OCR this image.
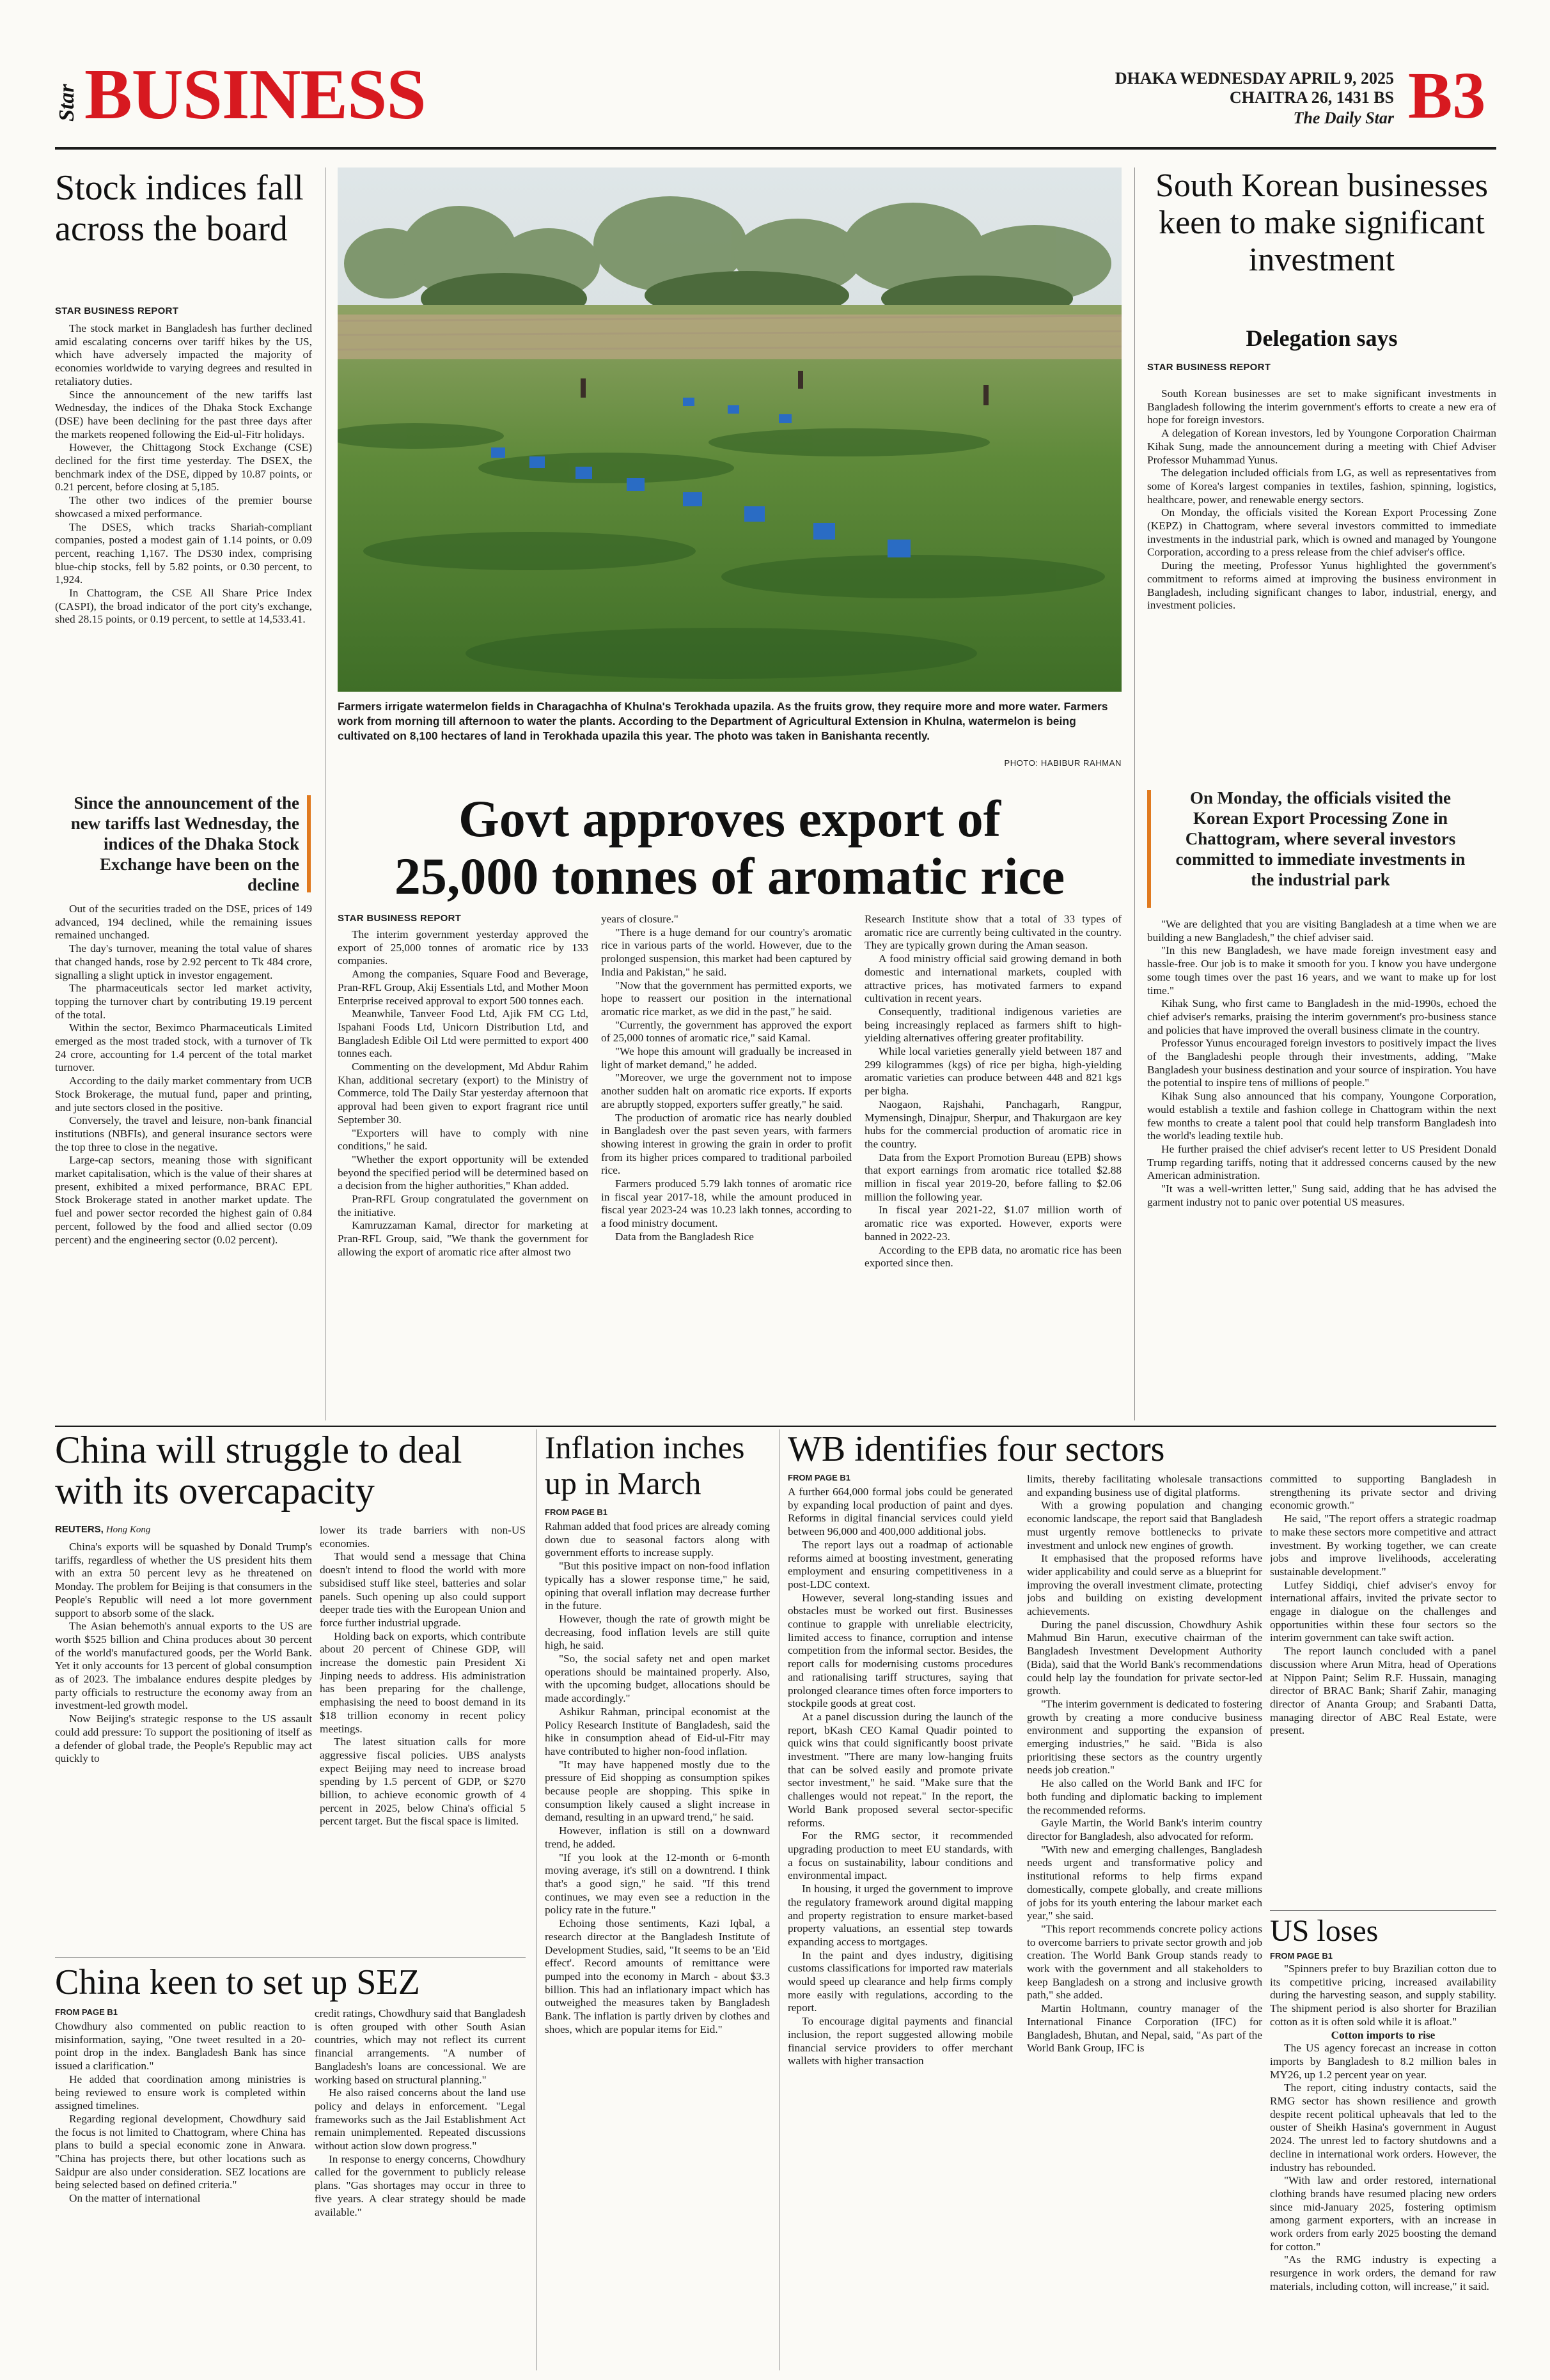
Star BUSINESS	DHAKA WEDNESDAY APRIL 9, 2025
CHAITRA 26, 1431 BS
The Daily Star B3
Stock indices fall across the board
STAR BUSINESS REPORT

The stock market in Bangladesh has further declined amid escalating concerns over tariff hikes by the US, which have adversely impacted the majority of economies worldwide to varying degrees and resulted in retaliatory duties.

Since the announcement of the new tariffs last Wednesday, the indices of the Dhaka Stock Exchange (DSE) have been declining for the past three days after the markets reopened following the Eid-ul-Fitr holidays.

However, the Chittagong Stock Exchange (CSE) declined for the first time yesterday. The DSEX, the benchmark index of the DSE, dipped by 10.87 points, or 0.21 percent, before closing at 5,185.

The other two indices of the premier bourse showcased a mixed performance.

The DSES, which tracks Shariah-compliant companies, posted a modest gain of 1.14 points, or 0.09 percent, reaching 1,167. The DS30 index, comprising blue-chip stocks, fell by 5.82 points, or 0.30 percent, to 1,924.

In Chattogram, the CSE All Share Price Index (CASPI), the broad indicator of the port city's exchange, shed 28.15 points, or 0.19 percent, to settle at 14,533.41.

Since the announcement of the new tariffs last Wednesday, the indices of the Dhaka Stock Exchange have been on the decline

Out of the securities traded on the DSE, prices of 149 advanced, 194 declined, while the remaining issues remained unchanged.

The day's turnover, meaning the total value of shares that changed hands, rose by 2.92 percent to Tk 484 crore, signalling a slight uptick in investor engagement.

The pharmaceuticals sector led market activity, topping the turnover chart by contributing 19.19 percent of the total.

Within the sector, Beximco Pharmaceuticals Limited emerged as the most traded stock, with a turnover of Tk 24 crore, accounting for 1.4 percent of the total market turnover.

According to the daily market commentary from UCB Stock Brokerage, the mutual fund, paper and printing, and jute sectors closed in the positive.

Conversely, the travel and leisure, non-bank financial institutions (NBFIs), and general insurance sectors were the top three to close in the negative.

Large-cap sectors, meaning those with significant market capitalisation, which is the value of their shares at present, exhibited a mixed performance, BRAC EPL Stock Brokerage stated in another market update. The fuel and power sector recorded the highest gain of 0.84 percent, followed by the food and allied sector (0.09 percent) and the engineering sector (0.02 percent).

Farmers irrigate watermelon fields in Charagachha of Khulna's Terokhada upazila. As the fruits grow, they require more and more water. Farmers work from morning till afternoon to water the plants. According to the Department of Agricultural Extension in Khulna, watermelon is being cultivated on 8,100 hectares of land in Terokhada upazila this year. The photo was taken in Banishanta recently.
PHOTO: HABIBUR RAHMAN
Govt approves export of
25,000 tonnes of aromatic rice
STAR BUSINESS REPORT

The interim government yesterday approved the export of 25,000 tonnes of aromatic rice by 133 companies.

Among the companies, Square Food and Beverage, Pran-RFL Group, Akij Essentials Ltd, and Mother Moon Enterprise received approval to export 500 tonnes each.

Meanwhile, Tanveer Food Ltd, Ajik FM CG Ltd, Ispahani Foods Ltd, Unicorn Distribution Ltd, and Bangladesh Edible Oil Ltd were permitted to export 400 tonnes each.

Commenting on the development, Md Abdur Rahim Khan, additional secretary (export) to the Ministry of Commerce, told The Daily Star yesterday afternoon that approval had been given to export fragrant rice until September 30.

"Exporters will have to comply with nine conditions," he said.

"Whether the export opportunity will be extended beyond the specified period will be determined based on a decision from the higher authorities," Khan added.

Pran-RFL Group congratulated the government on the initiative.

Kamruzzaman Kamal, director for marketing at Pran-RFL Group, said, "We thank the government for allowing the export of aromatic rice after almost two

years of closure."

"There is a huge demand for our country's aromatic rice in various parts of the world. However, due to the prolonged suspension, this market had been captured by India and Pakistan," he said.

"Now that the government has permitted exports, we hope to reassert our position in the international aromatic rice market, as we did in the past," he said.

"Currently, the government has approved the export of 25,000 tonnes of aromatic rice," said Kamal.

"We hope this amount will gradually be increased in light of market demand," he added.

"Moreover, we urge the government not to impose another sudden halt on aromatic rice exports. If exports are abruptly stopped, exporters suffer greatly," he said.

The production of aromatic rice has nearly doubled in Bangladesh over the past seven years, with farmers showing interest in growing the grain in order to profit from its higher prices compared to traditional parboiled rice.

Farmers produced 5.79 lakh tonnes of aromatic rice in fiscal year 2017-18, while the amount produced in fiscal year 2023-24 was 10.23 lakh tonnes, according to a food ministry document.

Data from the Bangladesh Rice

Research Institute show that a total of 33 types of aromatic rice are currently being cultivated in the country. They are typically grown during the Aman season.

A food ministry official said growing demand in both domestic and international markets, coupled with attractive prices, has motivated farmers to expand cultivation in recent years.

Consequently, traditional indigenous varieties are being increasingly replaced as farmers shift to high-yielding alternatives offering greater profitability.

While local varieties generally yield between 187 and 299 kilogrammes (kgs) of rice per bigha, high-yielding aromatic varieties can produce between 448 and 821 kgs per bigha.

Naogaon, Rajshahi, Panchagarh, Rangpur, Mymensingh, Dinajpur, Sherpur, and Thakurgaon are key hubs for the commercial production of aromatic rice in the country.

Data from the Export Promotion Bureau (EPB) shows that export earnings from aromatic rice totalled $2.88 million in fiscal year 2019-20, before falling to $2.06 million the following year.

In fiscal year 2021-22, $1.07 million worth of aromatic rice was exported. However, exports were banned in 2022-23.

According to the EPB data, no aromatic rice has been exported since then.

South Korean businesses keen to make significant investment
Delegation says
STAR BUSINESS REPORT

South Korean businesses are set to make significant investments in Bangladesh following the interim government's efforts to create a new era of hope for foreign investors.

A delegation of Korean investors, led by Youngone Corporation Chairman Kihak Sung, made the announcement during a meeting with Chief Adviser Professor Muhammad Yunus.

The delegation included officials from LG, as well as representatives from some of Korea's largest companies in textiles, fashion, spinning, logistics, healthcare, power, and renewable energy sectors.

On Monday, the officials visited the Korean Export Processing Zone (KEPZ) in Chattogram, where several investors committed to immediate investments in the industrial park, which is owned and managed by Youngone Corporation, according to a press release from the chief adviser's office.

During the meeting, Professor Yunus highlighted the government's commitment to reforms aimed at improving the business environment in Bangladesh, including significant changes to labor, industrial, energy, and investment policies.

On Monday, the officials visited the Korean Export Processing Zone in Chattogram, where several investors committed to immediate investments in the industrial park

"We are delighted that you are visiting Bangladesh at a time when we are building a new Bangladesh," the chief adviser said.

"In this new Bangladesh, we have made foreign investment easy and hassle-free. Our job is to make it smooth for you. I know you have undergone some tough times over the past 16 years, and we want to make up for lost time."

Kihak Sung, who first came to Bangladesh in the mid-1990s, echoed the chief adviser's remarks, praising the interim government's pro-business stance and policies that have improved the overall business climate in the country.

Professor Yunus encouraged foreign investors to positively impact the lives of the Bangladeshi people through their investments, adding, "Make Bangladesh your business destination and your source of inspiration. You have the potential to inspire tens of millions of people."

Kihak Sung also announced that his company, Youngone Corporation, would establish a textile and fashion college in Chattogram within the next few months to create a talent pool that could help transform Bangladesh into the world's leading textile hub.

He further praised the chief adviser's recent letter to US President Donald Trump regarding tariffs, noting that it addressed concerns caused by the new American administration.

"It was a well-written letter," Sung said, adding that he has advised the garment industry not to panic over potential US measures.

China will struggle to deal with its overcapacity
REUTERS, Hong Kong

China's exports will be squashed by Donald Trump's tariffs, regardless of whether the US president hits them with an extra 50 percent levy as he threatened on Monday. The problem for Beijing is that consumers in the People's Republic will need a lot more government support to absorb some of the slack.

The Asian behemoth's annual exports to the US are worth $525 billion and China produces about 30 percent of the world's manufactured goods, per the World Bank. Yet it only accounts for 13 percent of global consumption as of 2023. The imbalance endures despite pledges by party officials to restructure the economy away from an investment-led growth model.

Now Beijing's strategic response to the US assault could add pressure: To support the positioning of itself as a defender of global trade, the People's Republic may act quickly to

lower its trade barriers with non-US economies.

That would send a message that China doesn't intend to flood the world with more subsidised stuff like steel, batteries and solar panels. Such opening up also could support deeper trade ties with the European Union and force further industrial upgrade.

Holding back on exports, which contribute about 20 percent of Chinese GDP, will increase the domestic pain President Xi Jinping needs to address. His administration has been preparing for the challenge, emphasising the need to boost demand in its $18 trillion economy in recent policy meetings.

The latest situation calls for more aggressive fiscal policies. UBS analysts expect Beijing may need to increase broad spending by 1.5 percent of GDP, or $270 billion, to achieve economic growth of 4 percent in 2025, below China's official 5 percent target. But the fiscal space is limited.

China keen to set up SEZ
FROM PAGE B1

Chowdhury also commented on public reaction to misinformation, saying, "One tweet resulted in a 20-point drop in the index. Bangladesh Bank has since issued a clarification."

He added that coordination among ministries is being reviewed to ensure work is completed within assigned timelines.

Regarding regional development, Chowdhury said the focus is not limited to Chattogram, where China has plans to build a special economic zone in Anwara. "China has projects there, but other locations such as Saidpur are also under consideration. SEZ locations are being selected based on defined criteria."

On the matter of international

credit ratings, Chowdhury said that Bangladesh is often grouped with other South Asian countries, which may not reflect its current financial arrangements. "A number of Bangladesh's loans are concessional. We are working based on structural planning."

He also raised concerns about the land use policy and delays in enforcement. "Legal frameworks such as the Jail Establishment Act remain unimplemented. Repeated discussions without action slow down progress."

In response to energy concerns, Chowdhury called for the government to publicly release plans. "Gas shortages may occur in three to five years. A clear strategy should be made available."

Inflation inches up in March
FROM PAGE B1

Rahman added that food prices are already coming down due to seasonal factors along with government efforts to increase supply.

"But this positive impact on non-food inflation typically has a slower response time," he said, opining that overall inflation may decrease further in the future.

However, though the rate of growth might be decreasing, food inflation levels are still quite high, he said.

"So, the social safety net and open market operations should be maintained properly. Also, with the upcoming budget, allocations should be made accordingly."

Ashikur Rahman, principal economist at the Policy Research Institute of Bangladesh, said the hike in consumption ahead of Eid-ul-Fitr may have contributed to higher non-food inflation.

"It may have happened mostly due to the pressure of Eid shopping as consumption spikes because people are shopping. This spike in consumption likely caused a slight increase in demand, resulting in an upward trend," he said.

However, inflation is still on a downward trend, he added.

"If you look at the 12-month or 6-month moving average, it's still on a downtrend. I think that's a good sign," he said. "If this trend continues, we may even see a reduction in the policy rate in the future."

Echoing those sentiments, Kazi Iqbal, a research director at the Bangladesh Institute of Development Studies, said, "It seems to be an 'Eid effect'. Record amounts of remittance were pumped into the economy in March - about $3.3 billion. This had an inflationary impact which has outweighed the measures taken by Bangladesh Bank. The inflation is partly driven by clothes and shoes, which are popular items for Eid."

WB identifies four sectors
FROM PAGE B1

A further 664,000 formal jobs could be generated by expanding local production of paint and dyes. Reforms in digital financial services could yield between 96,000 and 400,000 additional jobs.

The report lays out a roadmap of actionable reforms aimed at boosting investment, generating employment and ensuring competitiveness in a post-LDC context.

However, several long-standing issues and obstacles must be worked out first. Businesses continue to grapple with unreliable electricity, limited access to finance, corruption and intense competition from the informal sector. Besides, the report calls for modernising customs procedures and rationalising tariff structures, saying that prolonged clearance times often force importers to stockpile goods at great cost.

At a panel discussion during the launch of the report, bKash CEO Kamal Quadir pointed to quick wins that could significantly boost private investment. "There are many low-hanging fruits that can be solved easily and promote private sector investment," he said. "Make sure that the challenges would not repeat." In the report, the World Bank proposed several sector-specific reforms.

For the RMG sector, it recommended upgrading production to meet EU standards, with a focus on sustainability, labour conditions and environmental impact.

In housing, it urged the government to improve the regulatory framework around digital mapping and property registration to ensure market-based property valuations, an essential step towards expanding access to mortgages.

In the paint and dyes industry, digitising customs classifications for imported raw materials would speed up clearance and help firms comply more easily with regulations, according to the report.

To encourage digital payments and financial inclusion, the report suggested allowing mobile financial service providers to offer merchant wallets with higher transaction

limits, thereby facilitating wholesale transactions and expanding business use of digital platforms.

With a growing population and changing economic landscape, the report said that Bangladesh must urgently remove bottlenecks to private investment and unlock new engines of growth.

It emphasised that the proposed reforms have wider applicability and could serve as a blueprint for improving the overall investment climate, protecting jobs and building on existing development achievements.

During the panel discussion, Chowdhury Ashik Mahmud Bin Harun, executive chairman of the Bangladesh Investment Development Authority (Bida), said that the World Bank's recommendations could help lay the foundation for private sector-led growth.

"The interim government is dedicated to fostering growth by creating a more conducive business environment and supporting the expansion of emerging industries," he said. "Bida is also prioritising these sectors as the country urgently needs job creation."

He also called on the World Bank and IFC for both funding and diplomatic backing to implement the recommended reforms.

Gayle Martin, the World Bank's interim country director for Bangladesh, also advocated for reform.

"With new and emerging challenges, Bangladesh needs urgent and transformative policy and institutional reforms to help firms expand domestically, compete globally, and create millions of jobs for its youth entering the labour market each year," she said.

"This report recommends concrete policy actions to overcome barriers to private sector growth and job creation. The World Bank Group stands ready to work with the government and all stakeholders to keep Bangladesh on a strong and inclusive growth path," she added.

Martin Holtmann, country manager of the International Finance Corporation (IFC) for Bangladesh, Bhutan, and Nepal, said, "As part of the World Bank Group, IFC is

committed to supporting Bangladesh in strengthening its private sector and driving economic growth."

He said, "The report offers a strategic roadmap to make these sectors more competitive and attract investment. By working together, we can create jobs and improve livelihoods, accelerating sustainable development."

Lutfey Siddiqi, chief adviser's envoy for international affairs, invited the private sector to engage in dialogue on the challenges and opportunities within these four sectors so the interim government can take swift action.

The report launch concluded with a panel discussion where Arun Mitra, head of Operations at Nippon Paint; Selim R.F. Hussain, managing director of BRAC Bank; Sharif Zahir, managing director of Ananta Group; and Srabanti Datta, managing director of ABC Real Estate, were present.

US loses
FROM PAGE B1

"Spinners prefer to buy Brazilian cotton due to its competitive pricing, increased availability during the harvesting season, and supply stability. The shipment period is also shorter for Brazilian cotton as it is often sold while it is afloat."

Cotton imports to rise

The US agency forecast an increase in cotton imports by Bangladesh to 8.2 million bales in MY26, up 1.2 percent year on year.

The report, citing industry contacts, said the RMG sector has shown resilience and growth despite recent political upheavals that led to the ouster of Sheikh Hasina's government in August 2024. The unrest led to factory shutdowns and a decline in international work orders. However, the industry has rebounded.

"With law and order restored, international clothing brands have resumed placing new orders since mid-January 2025, fostering optimism among garment exporters, with an increase in work orders from early 2025 boosting the demand for cotton."

"As the RMG industry is expecting a resurgence in work orders, the demand for raw materials, including cotton, will increase," it said.
